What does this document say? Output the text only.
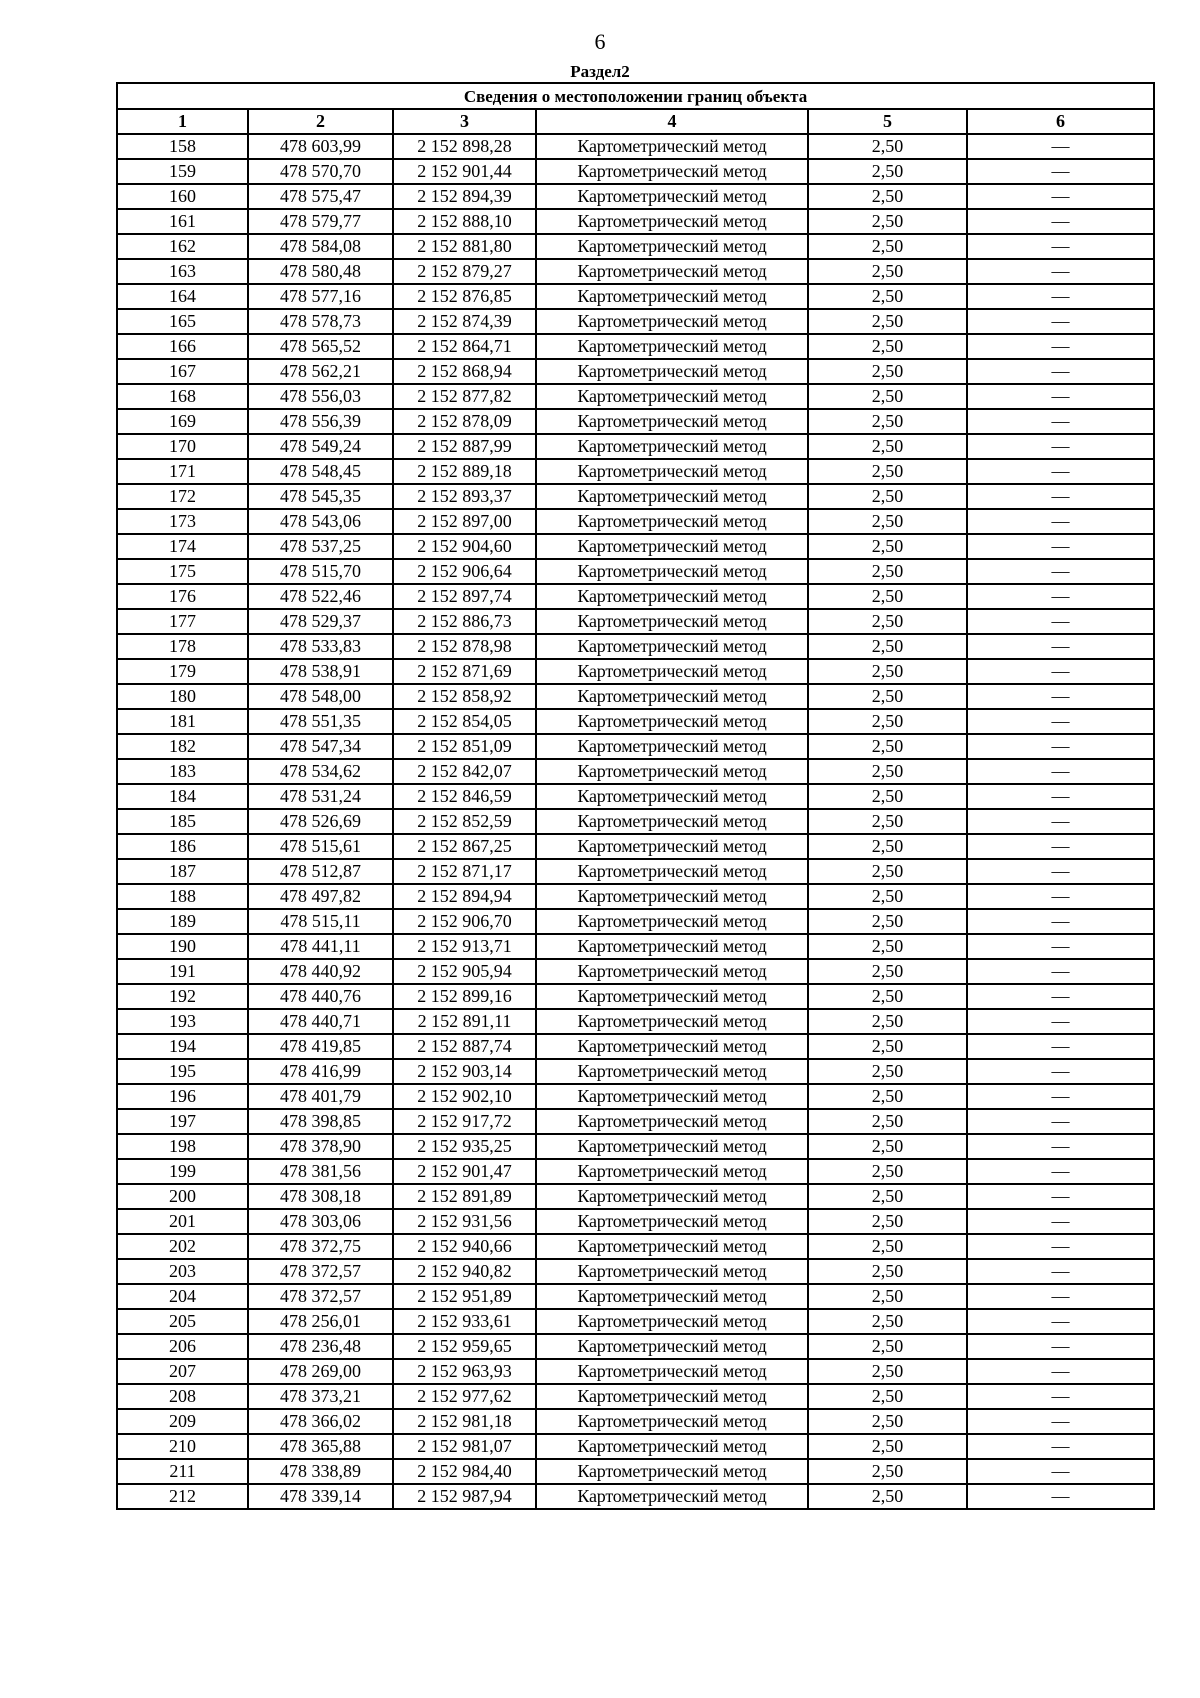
6
Раздел2
Сведения о местоположении границ объекта					
1	2	3	4	5	6
158	478 603,99	2 152 898,28	Картометрический метод	2,50	—
159	478 570,70	2 152 901,44	Картометрический метод	2,50	—
160	478 575,47	2 152 894,39	Картометрический метод	2,50	—
161	478 579,77	2 152 888,10	Картометрический метод	2,50	—
162	478 584,08	2 152 881,80	Картометрический метод	2,50	—
163	478 580,48	2 152 879,27	Картометрический метод	2,50	—
164	478 577,16	2 152 876,85	Картометрический метод	2,50	—
165	478 578,73	2 152 874,39	Картометрический метод	2,50	—
166	478 565,52	2 152 864,71	Картометрический метод	2,50	—
167	478 562,21	2 152 868,94	Картометрический метод	2,50	—
168	478 556,03	2 152 877,82	Картометрический метод	2,50	—
169	478 556,39	2 152 878,09	Картометрический метод	2,50	—
170	478 549,24	2 152 887,99	Картометрический метод	2,50	—
171	478 548,45	2 152 889,18	Картометрический метод	2,50	—
172	478 545,35	2 152 893,37	Картометрический метод	2,50	—
173	478 543,06	2 152 897,00	Картометрический метод	2,50	—
174	478 537,25	2 152 904,60	Картометрический метод	2,50	—
175	478 515,70	2 152 906,64	Картометрический метод	2,50	—
176	478 522,46	2 152 897,74	Картометрический метод	2,50	—
177	478 529,37	2 152 886,73	Картометрический метод	2,50	—
178	478 533,83	2 152 878,98	Картометрический метод	2,50	—
179	478 538,91	2 152 871,69	Картометрический метод	2,50	—
180	478 548,00	2 152 858,92	Картометрический метод	2,50	—
181	478 551,35	2 152 854,05	Картометрический метод	2,50	—
182	478 547,34	2 152 851,09	Картометрический метод	2,50	—
183	478 534,62	2 152 842,07	Картометрический метод	2,50	—
184	478 531,24	2 152 846,59	Картометрический метод	2,50	—
185	478 526,69	2 152 852,59	Картометрический метод	2,50	—
186	478 515,61	2 152 867,25	Картометрический метод	2,50	—
187	478 512,87	2 152 871,17	Картометрический метод	2,50	—
188	478 497,82	2 152 894,94	Картометрический метод	2,50	—
189	478 515,11	2 152 906,70	Картометрический метод	2,50	—
190	478 441,11	2 152 913,71	Картометрический метод	2,50	—
191	478 440,92	2 152 905,94	Картометрический метод	2,50	—
192	478 440,76	2 152 899,16	Картометрический метод	2,50	—
193	478 440,71	2 152 891,11	Картометрический метод	2,50	—
194	478 419,85	2 152 887,74	Картометрический метод	2,50	—
195	478 416,99	2 152 903,14	Картометрический метод	2,50	—
196	478 401,79	2 152 902,10	Картометрический метод	2,50	—
197	478 398,85	2 152 917,72	Картометрический метод	2,50	—
198	478 378,90	2 152 935,25	Картометрический метод	2,50	—
199	478 381,56	2 152 901,47	Картометрический метод	2,50	—
200	478 308,18	2 152 891,89	Картометрический метод	2,50	—
201	478 303,06	2 152 931,56	Картометрический метод	2,50	—
202	478 372,75	2 152 940,66	Картометрический метод	2,50	—
203	478 372,57	2 152 940,82	Картометрический метод	2,50	—
204	478 372,57	2 152 951,89	Картометрический метод	2,50	—
205	478 256,01	2 152 933,61	Картометрический метод	2,50	—
206	478 236,48	2 152 959,65	Картометрический метод	2,50	—
207	478 269,00	2 152 963,93	Картометрический метод	2,50	—
208	478 373,21	2 152 977,62	Картометрический метод	2,50	—
209	478 366,02	2 152 981,18	Картометрический метод	2,50	—
210	478 365,88	2 152 981,07	Картометрический метод	2,50	—
211	478 338,89	2 152 984,40	Картометрический метод	2,50	—
212	478 339,14	2 152 987,94	Картометрический метод	2,50	—
